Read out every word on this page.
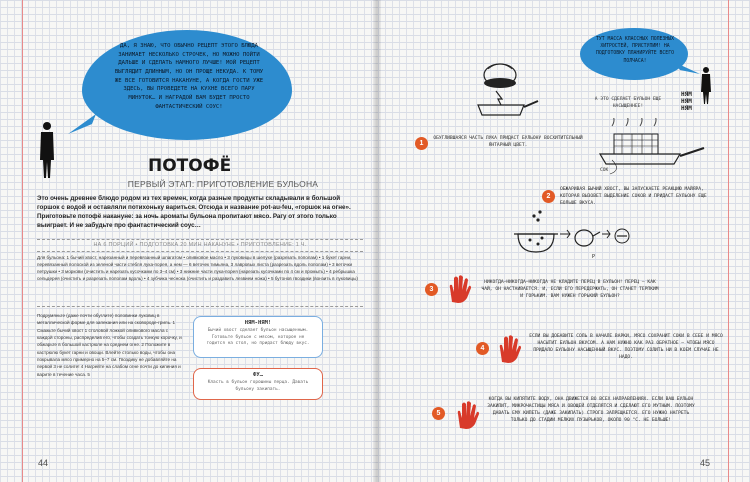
ДА, Я ЗНАЮ, ЧТО ОБЫЧНО РЕЦЕПТ ЭТОГО БЛЮДА ЗАНИМАЕТ НЕСКОЛЬКО СТРОЧЕК, НО МОЖНО ПОЙТИ ДАЛЬШЕ И СДЕЛАТЬ НАМНОГО ЛУЧШЕ! МОЙ РЕЦЕПТ ВЫГЛЯДИТ ДЛИННЫМ, НО ОН ПРОЩЕ НЕКУДА. К ТОМУ ЖЕ ВСЕ ГОТОВИТСЯ НАКАНУНЕ, А КОГДА ГОСТИ УЖЕ ЗДЕСЬ, ВЫ ПРОВЕДЕТЕ НА КУХНЕ ВСЕГО ПАРУ МИНУТОК… И НАГРАДОЙ ВАМ БУДЕТ ПРОСТО ФАНТАСТИЧЕСКИЙ СОУС!
ПОТОФЁ
ПЕРВЫЙ ЭТАП: ПРИГОТОВЛЕНИЕ БУЛЬОНА
Это очень древнее блюдо родом из тех времен, когда разные продукты складывали в большой горшок с водой и оставляли потихоньку вариться. Отсюда и название pot-au-feu, «горшок на огне». Приготовьте потофё накануне: за ночь ароматы бульона пропитают мясо. Рагу от этого только выиграет. И не забудьте про фантастический соус…
НА 6 ПОРЦИЙ • ПОДГОТОВКА 20 МИН НАКАНУНЕ • ПРИГОТОВЛЕНИЕ: 1 Ч.
Для бульона: 1 бычий хвост, нарезанный и перевязанный шпагатом • оливковое масло • 3 луковицы в шелухе (разрезать пополам) • 1 букет гарни, перевязанный полоской из зеленой части стебля лука-порея, а нем — 6 веточек тимьяна, 3 лавровых листа (разрезать вдоль пополам) • 3 веточки петрушки • 3 моркови (очистить и нарезать кусочками по 3–4 см) • 3 нижние части лука-порея (нарезать кусочками по 4 см и промыть) • 4 ребрышка сельдерея (очистить и разрезать пополам вдоль) • 4 зубчика чеснока (очистить и раздавить лезвием ножа) • 5 бутонов гвоздики (вонзить в луковицы)
Подрумяньте (даже почти обуглите) половинки луковиц в металлической форме для запекания или на сковороде-гриль. 1 Смажьте бычий хвост 1 столовой ложкой оливкового масла с каждой стороны, распределив его, чтобы создать тонкую корочку, и обжарьте в большой кастрюле на среднем огне. 2 Положите в кастрюлю букет гарни и овощи. Влейте столько воды, чтобы она покрывала мясо примерно на 5–7 см. Гвоздику не добавляйте на первой 3 не солите! 4 Нагрейте на слабом огне почти до кипения и варите в течение часа. 5
НЯМ-НЯМ!
Бычий хвост сделает бульон насыщенным. Готовьте бульон с мясом, которое не годится на стол, но придаст блюду вкус.
ФУ…
Класть в бульон горошины перца. Давать бульону закипать.
44
ТУТ МАССА КЛАССНЫХ ПОЛЕЗНЫХ ХИТРОСТЕЙ, ПРИСТУПИМ! НА ПОДГОТОВКУ ПЛАНИРУЙТЕ ВСЕГО ПОЛЧАСА!
1
ОБУГЛИВШАЯСЯ ЧАСТЬ ЛУКА ПРИДАСТ БУЛЬОНУ ВОСХИТИТЕЛЬНЫЙ ЯНТАРНЫЙ ЦВЕТ.
А ЭТО СДЕЛАЕТ БУЛЬОН ЕЩЕ НАСЫЩЕННЕЕ!
НЯМ
НЯМ
НЯМ
СОК
2
ОБЖАРИВАЯ БЫЧИЙ ХВОСТ, ВЫ ЗАПУСКАЕТЕ РЕАКЦИЮ МАЙЯРА, КОТОРАЯ ВЫЗОВЕТ ВЫДЕЛЕНИЕ СОКОВ И ПРИДАСТ БУЛЬОНУ ЕЩЕ БОЛЬШЕ ВКУСА.
P
3
НИКОГДА–НИКОГДА–НИКОГДА НЕ КЛАДИТЕ ПЕРЕЦ В БУЛЬОН! ПЕРЕЦ — КАК ЧАЙ, ОН НАСТАИВАЕТСЯ. И, ЕСЛИ ЕГО ПЕРЕДЕРЖАТЬ, ОН СТАНЕТ ТЕРПКИМ И ГОРЬКИМ. ВАМ НУЖЕН ГОРЬКИЙ БУЛЬОН?
4
ЕСЛИ ВЫ ДОБАВИТЕ СОЛЬ В НАЧАЛЕ ВАРКИ, МЯСО СОХРАНИТ СОКИ В СЕБЕ И МЯСО НАСЫТИТ БУЛЬОН ВКУСОМ. А НАМ НУЖНО КАК РАЗ ОБРАТНОЕ — ЧТОБЫ МЯСО ПРИДАЛО БУЛЬОНУ НАСЫЩЕННЫЙ ВКУС. ПОЭТОМУ СОЛИТЬ НИ В КОЕМ СЛУЧАЕ НЕ НАДО.
5
КОГДА ВЫ КИПЯТИТЕ ВОДУ, ОНА ДВИЖЕТСЯ ВО ВСЕХ НАПРАВЛЕНИЯХ. ЕСЛИ ВАШ БУЛЬОН ЗАКИПИТ, МИКРОЧАСТИЦЫ МЯСА И ОВОЩЕЙ ОТДЕЛЯТСЯ И СДЕЛАЮТ ЕГО МУТНЫМ. ПОЭТОМУ ДАВАТЬ ЕМУ КИПЕТЬ (ДАЖЕ ЗАКИПАТЬ) СТРОГО ЗАПРЕЩАЕТСЯ. ЕГО НУЖНО НАГРЕТЬ ТОЛЬКО ДО СТАДИИ МЕЛКИХ ПУЗЫРЬКОВ, ОКОЛО 90 °C. НЕ БОЛЬШЕ!
45
